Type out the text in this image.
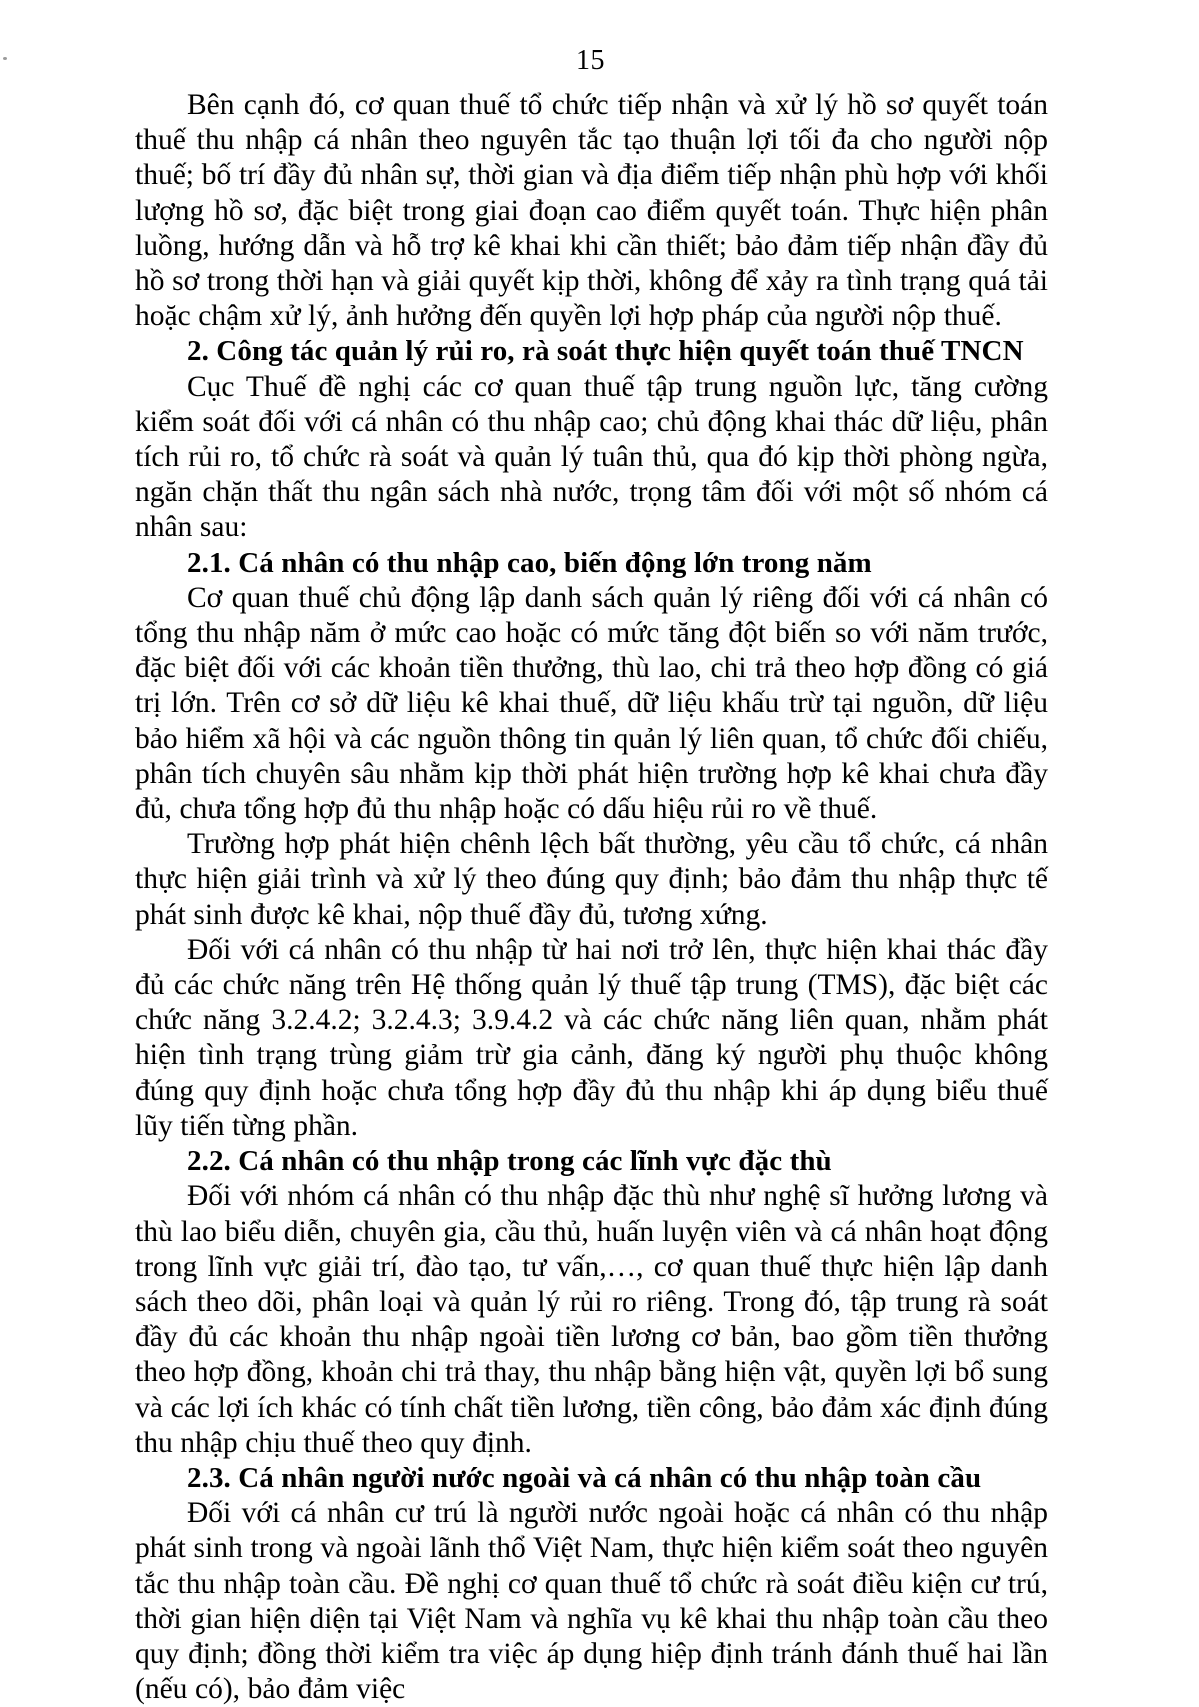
15

Bên cạnh đó, cơ quan thuế tổ chức tiếp nhận và xử lý hồ sơ quyết toán thuế thu nhập cá nhân theo nguyên tắc tạo thuận lợi tối đa cho người nộp thuế; bố trí đầy đủ nhân sự, thời gian và địa điểm tiếp nhận phù hợp với khối lượng hồ sơ, đặc biệt trong giai đoạn cao điểm quyết toán. Thực hiện phân luồng, hướng dẫn và hỗ trợ kê khai khi cần thiết; bảo đảm tiếp nhận đầy đủ hồ sơ trong thời hạn và giải quyết kịp thời, không để xảy ra tình trạng quá tải hoặc chậm xử lý, ảnh hưởng đến quyền lợi hợp pháp của người nộp thuế.

2. Công tác quản lý rủi ro, rà soát thực hiện quyết toán thuế TNCN

Cục Thuế đề nghị các cơ quan thuế tập trung nguồn lực, tăng cường kiểm soát đối với cá nhân có thu nhập cao; chủ động khai thác dữ liệu, phân tích rủi ro, tổ chức rà soát và quản lý tuân thủ, qua đó kịp thời phòng ngừa, ngăn chặn thất thu ngân sách nhà nước, trọng tâm đối với một số nhóm cá nhân sau:

2.1. Cá nhân có thu nhập cao, biến động lớn trong năm

Cơ quan thuế chủ động lập danh sách quản lý riêng đối với cá nhân có tổng thu nhập năm ở mức cao hoặc có mức tăng đột biến so với năm trước, đặc biệt đối với các khoản tiền thưởng, thù lao, chi trả theo hợp đồng có giá trị lớn. Trên cơ sở dữ liệu kê khai thuế, dữ liệu khấu trừ tại nguồn, dữ liệu bảo hiểm xã hội và các nguồn thông tin quản lý liên quan, tổ chức đối chiếu, phân tích chuyên sâu nhằm kịp thời phát hiện trường hợp kê khai chưa đầy đủ, chưa tổng hợp đủ thu nhập hoặc có dấu hiệu rủi ro về thuế.

Trường hợp phát hiện chênh lệch bất thường, yêu cầu tổ chức, cá nhân thực hiện giải trình và xử lý theo đúng quy định; bảo đảm thu nhập thực tế phát sinh được kê khai, nộp thuế đầy đủ, tương xứng.

Đối với cá nhân có thu nhập từ hai nơi trở lên, thực hiện khai thác đầy đủ các chức năng trên Hệ thống quản lý thuế tập trung (TMS), đặc biệt các chức năng 3.2.4.2; 3.2.4.3; 3.9.4.2 và các chức năng liên quan, nhằm phát hiện tình trạng trùng giảm trừ gia cảnh, đăng ký người phụ thuộc không đúng quy định hoặc chưa tổng hợp đầy đủ thu nhập khi áp dụng biểu thuế lũy tiến từng phần.

2.2. Cá nhân có thu nhập trong các lĩnh vực đặc thù

Đối với nhóm cá nhân có thu nhập đặc thù như nghệ sĩ hưởng lương và thù lao biểu diễn, chuyên gia, cầu thủ, huấn luyện viên và cá nhân hoạt động trong lĩnh vực giải trí, đào tạo, tư vấn,…, cơ quan thuế thực hiện lập danh sách theo dõi, phân loại và quản lý rủi ro riêng. Trong đó, tập trung rà soát đầy đủ các khoản thu nhập ngoài tiền lương cơ bản, bao gồm tiền thưởng theo hợp đồng, khoản chi trả thay, thu nhập bằng hiện vật, quyền lợi bổ sung và các lợi ích khác có tính chất tiền lương, tiền công, bảo đảm xác định đúng thu nhập chịu thuế theo quy định.

2.3. Cá nhân người nước ngoài và cá nhân có thu nhập toàn cầu

Đối với cá nhân cư trú là người nước ngoài hoặc cá nhân có thu nhập phát sinh trong và ngoài lãnh thổ Việt Nam, thực hiện kiểm soát theo nguyên tắc thu nhập toàn cầu. Đề nghị cơ quan thuế tổ chức rà soát điều kiện cư trú, thời gian hiện diện tại Việt Nam và nghĩa vụ kê khai thu nhập toàn cầu theo quy định; đồng thời kiểm tra việc áp dụng hiệp định tránh đánh thuế hai lần (nếu có), bảo đảm việc
